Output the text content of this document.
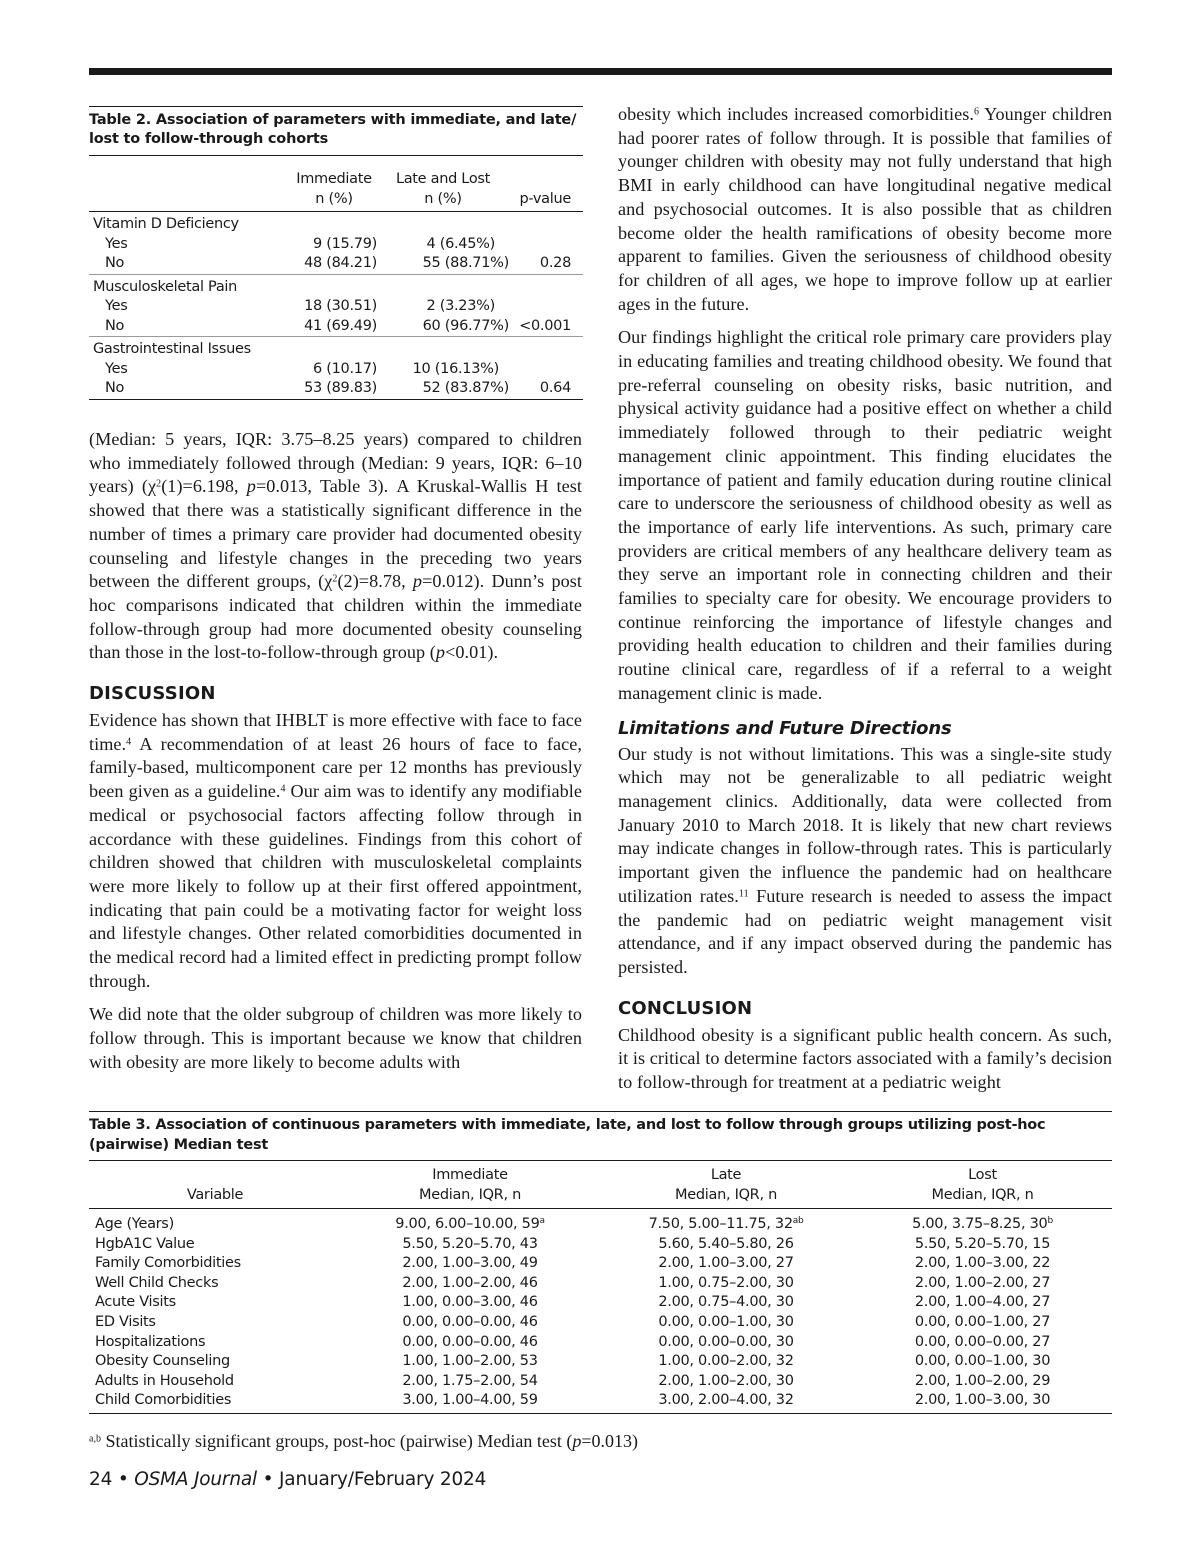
Table 2. Association of parameters with immediate, and late/ lost to follow-through cohorts
	Immediate	Late and Lost	
	n (%)	n (%)	p-value
Vitamin D Deficiency			
Yes	9 (15.79)	4 (6.45%)	
No	48 (84.21)	55 (88.71%)	0.28
Musculoskeletal Pain			
Yes	18 (30.51)	2 (3.23%)	
No	41 (69.49)	60 (96.77%)	<0.001
Gastrointestinal Issues			
Yes	6 (10.17)	10 (16.13%)	
No	53 (89.83)	52 (83.87%)	0.64

(Median: 5 years, IQR: 3.75–8.25 years) compared to children who immediately followed through (Median: 9 years, IQR: 6–10 years) ($\chi^2(1)=6.198$, p=0.013, Table 3). A Kruskal-Wallis H test showed that there was a statistically significant difference in the number of times a primary care provider had documented obesity counseling and lifestyle changes in the preceding two years between the different groups, ($\chi^2(2)=8.78$, p=0.012). Dunn’s post hoc comparisons indicated that children within the immediate follow-through group had more documented obesity counseling than those in the lost-to-follow-through group (p<0.01).

DISCUSSION

Evidence has shown that IHBLT is more effective with face to face time.$^4$ A recommendation of at least 26 hours of face to face, family-based, multicomponent care per 12 months has previously been given as a guideline.$^4$ Our aim was to identify any modifiable medical or psychosocial factors affecting follow through in accordance with these guidelines. Findings from this cohort of children showed that children with musculoskeletal complaints were more likely to follow up at their first offered appointment, indicating that pain could be a motivating factor for weight loss and lifestyle changes. Other related comorbidities documented in the medical record had a limited effect in predicting prompt follow through.

We did note that the older subgroup of children was more likely to follow through. This is important because we know that children with obesity are more likely to become adults with

obesity which includes increased comorbidities.$^6$ Younger children had poorer rates of follow through. It is possible that families of younger children with obesity may not fully understand that high BMI in early childhood can have longitudinal negative medical and psychosocial outcomes. It is also possible that as children become older the health ramifications of obesity become more apparent to families. Given the seriousness of childhood obesity for children of all ages, we hope to improve follow up at earlier ages in the future.

Our findings highlight the critical role primary care providers play in educating families and treating childhood obesity. We found that pre-referral counseling on obesity risks, basic nutrition, and physical activity guidance had a positive effect on whether a child immediately followed through to their pediatric weight management clinic appointment. This finding elucidates the importance of patient and family education during routine clinical care to underscore the seriousness of childhood obesity as well as the importance of early life interventions. As such, primary care providers are critical members of any healthcare delivery team as they serve an important role in connecting children and their families to specialty care for obesity. We encourage providers to continue reinforcing the importance of lifestyle changes and providing health education to children and their families during routine clinical care, regardless of if a referral to a weight management clinic is made.

Limitations and Future Directions

Our study is not without limitations. This was a single-site study which may not be generalizable to all pediatric weight management clinics. Additionally, data were collected from January 2010 to March 2018. It is likely that new chart reviews may indicate changes in follow-through rates. This is particularly important given the influence the pandemic had on healthcare utilization rates.$^{11}$ Future research is needed to assess the impact the pandemic had on pediatric weight management visit attendance, and if any impact observed during the pandemic has persisted.

CONCLUSION

Childhood obesity is a significant public health concern. As such, it is critical to determine factors associated with a family’s decision to follow-through for treatment at a pediatric weight

Table 3. Association of continuous parameters with immediate, late, and lost to follow through groups utilizing post-hoc (pairwise) Median test
	Immediate	Late	Lost
Variable	Median, IQR, n	Median, IQR, n	Median, IQR, n
Age (Years)	9.00, 6.00–10.00, 59$^a$	7.50, 5.00–11.75, $32^{ab}$	5.00, 3.75–8.25, 30$^b$
HgbA1C Value	5.50, 5.20–5.70, 43	5.60, 5.40–5.80, 26	5.50, 5.20–5.70, 15
Family Comorbidities	2.00, 1.00–3.00, 49	2.00, 1.00–3.00, 27	2.00, 1.00–3.00, 22
Well Child Checks	2.00, 1.00–2.00, 46	1.00, 0.75–2.00, 30	2.00, 1.00–2.00, 27
Acute Visits	1.00, 0.00–3.00, 46	2.00, 0.75–4.00, 30	2.00, 1.00–4.00, 27
ED Visits	0.00, 0.00–0.00, 46	0.00, 0.00–1.00, 30	0.00, 0.00–1.00, 27
Hospitalizations	0.00, 0.00–0.00, 46	0.00, 0.00–0.00, 30	0.00, 0.00–0.00, 27
Obesity Counseling	1.00, 1.00–2.00, 53	1.00, 0.00–2.00, 32	0.00, 0.00–1.00, 30
Adults in Household	2.00, 1.75–2.00, 54	2.00, 1.00–2.00, 30	2.00, 1.00–2.00, 29
Child Comorbidities	3.00, 1.00–4.00, 59	3.00, 2.00–4.00, 32	2.00, 1.00–3.00, 30
$^{a,b}$ Statistically significant groups, post-hoc (pairwise) Median test (p=0.013)
24 • OSMA Journal • January/February 2024
